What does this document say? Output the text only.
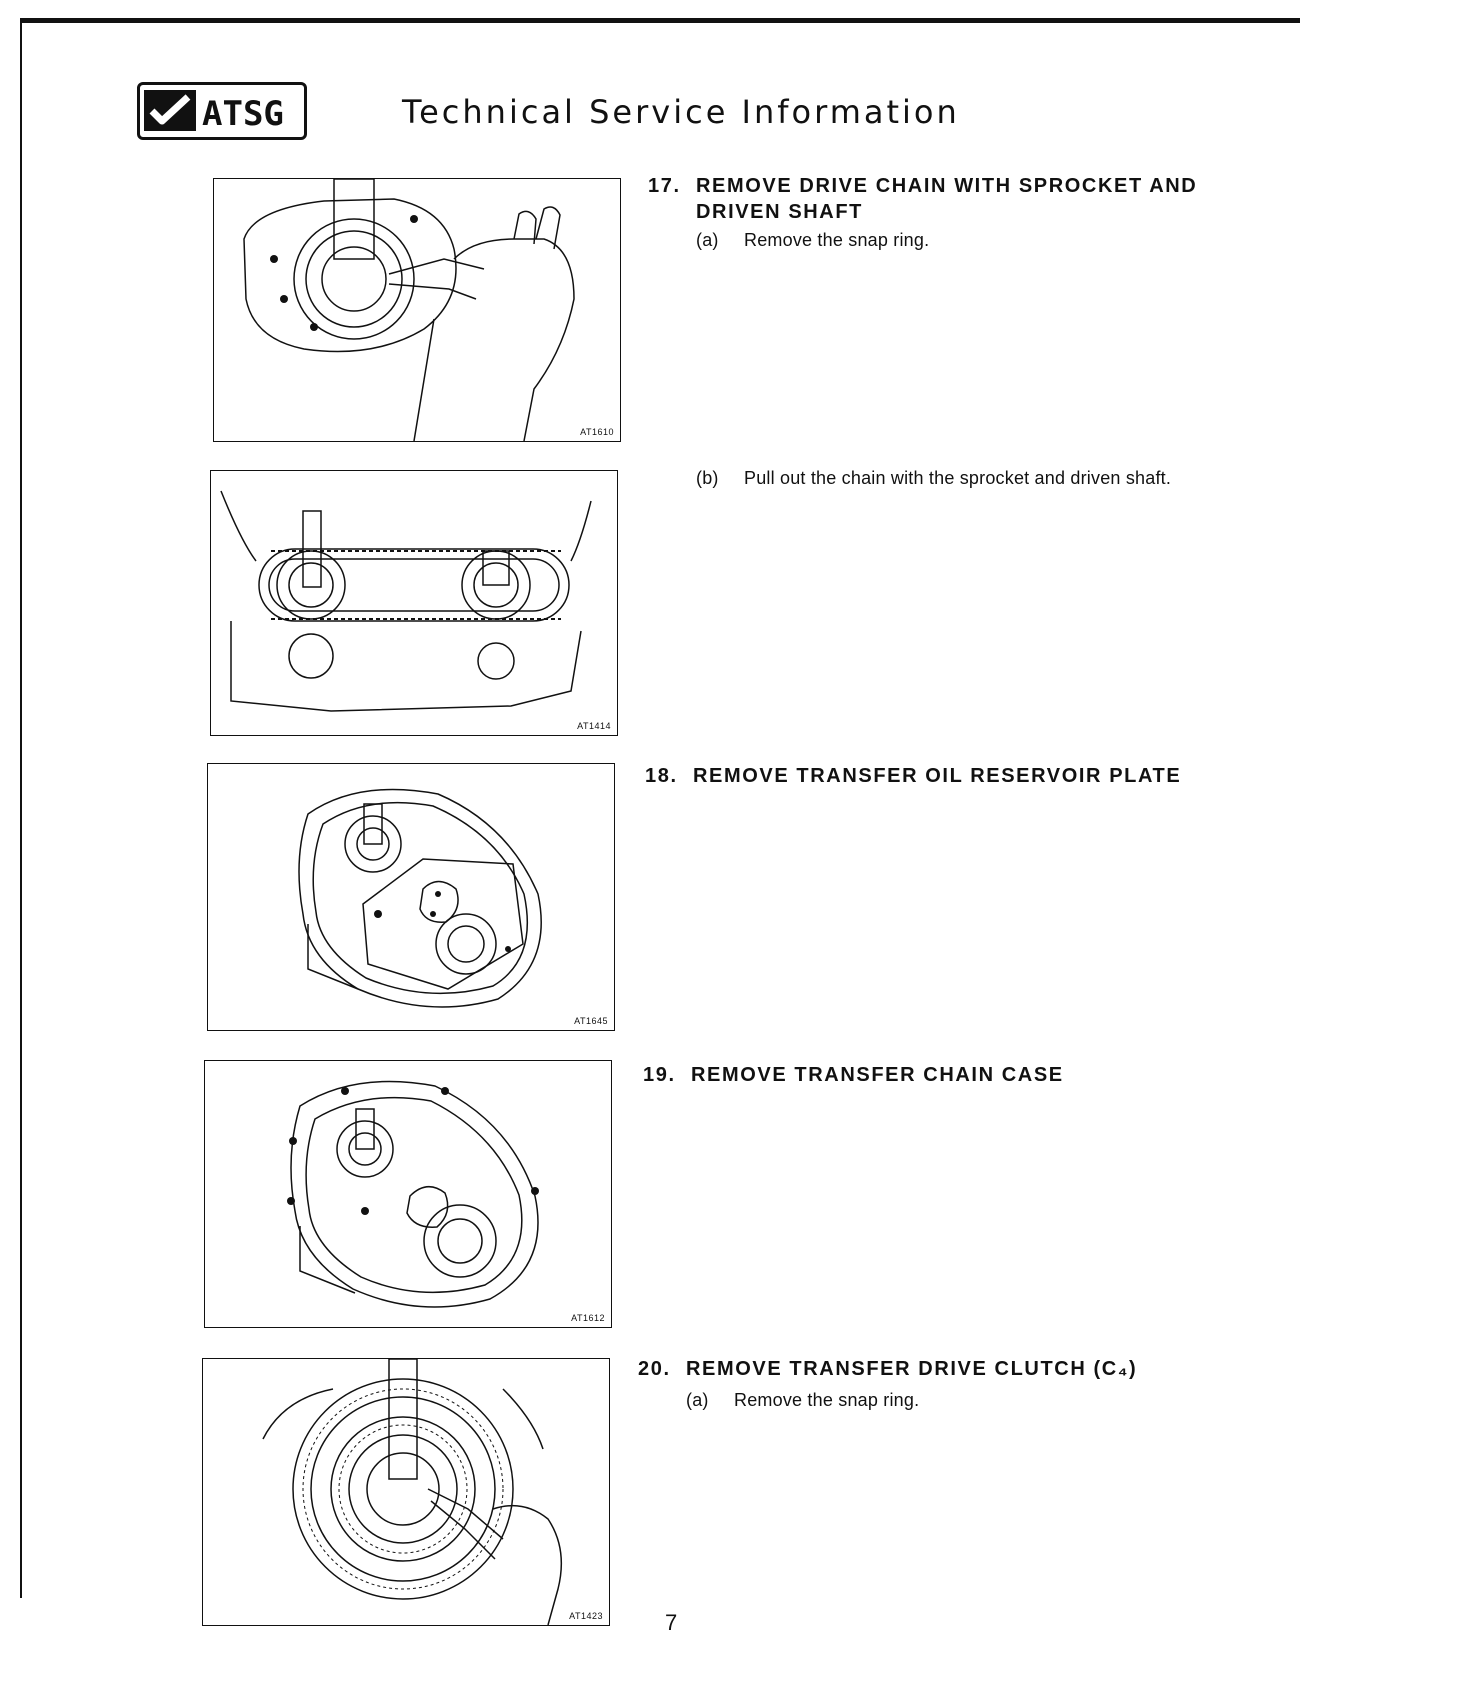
ATSG	Technical Service Information
AT1610
AT1414
AT1645
AT1612
AT1423
17. REMOVE DRIVE CHAIN WITH SPROCKET AND
DRIVEN SHAFT
(a) Remove the snap ring.
(b) Pull out the chain with the sprocket and driven shaft.
18. REMOVE TRANSFER OIL RESERVOIR PLATE
19. REMOVE TRANSFER CHAIN CASE
20. REMOVE TRANSFER DRIVE CLUTCH (C₄)
(a) Remove the snap ring.
7
